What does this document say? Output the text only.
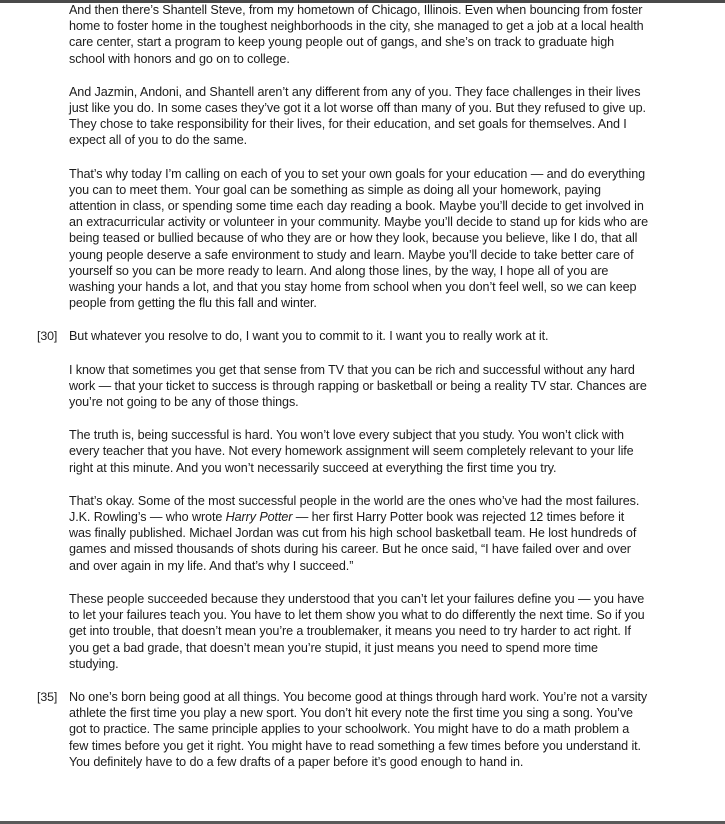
And then there’s Shantell Steve, from my hometown of Chicago, Illinois. Even when bouncing from foster home to foster home in the toughest neighborhoods in the city, she managed to get a job at a local health care center, start a program to keep young people out of gangs, and she’s on track to graduate high school with honors and go on to college.

And Jazmin, Andoni, and Shantell aren’t any different from any of you. They face challenges in their lives just like you do. In some cases they’ve got it a lot worse off than many of you. But they refused to give up. They chose to take responsibility for their lives, for their education, and set goals for themselves. And I expect all of you to do the same.

That’s why today I’m calling on each of you to set your own goals for your education — and do everything you can to meet them. Your goal can be something as simple as doing all your homework, paying attention in class, or spending some time each day reading a book. Maybe you’ll decide to get involved in an extracurricular activity or volunteer in your community. Maybe you’ll decide to stand up for kids who are being teased or bullied because of who they are or how they look, because you believe, like I do, that all young people deserve a safe environment to study and learn. Maybe you’ll decide to take better care of yourself so you can be more ready to learn. And along those lines, by the way, I hope all of you are washing your hands a lot, and that you stay home from school when you don’t feel well, so we can keep people from getting the flu this fall and winter.

[30] But whatever you resolve to do, I want you to commit to it. I want you to really work at it.

I know that sometimes you get that sense from TV that you can be rich and successful without any hard work — that your ticket to success is through rapping or basketball or being a reality TV star. Chances are you’re not going to be any of those things.

The truth is, being successful is hard. You won’t love every subject that you study. You won’t click with every teacher that you have. Not every homework assignment will seem completely relevant to your life right at this minute. And you won’t necessarily succeed at everything the first time you try.

That’s okay. Some of the most successful people in the world are the ones who’ve had the most failures. J.K. Rowling’s — who wrote Harry Potter — her first Harry Potter book was rejected 12 times before it was finally published. Michael Jordan was cut from his high school basketball team. He lost hundreds of games and missed thousands of shots during his career. But he once said, “I have failed over and over and over again in my life. And that’s why I succeed.”

These people succeeded because they understood that you can’t let your failures define you — you have to let your failures teach you. You have to let them show you what to do differently the next time. So if you get into trouble, that doesn’t mean you’re a troublemaker, it means you need to try harder to act right. If you get a bad grade, that doesn’t mean you’re stupid, it just means you need to spend more time studying.

[35] No one’s born being good at all things. You become good at things through hard work. You’re not a varsity athlete the first time you play a new sport. You don’t hit every note the first time you sing a song. You’ve got to practice. The same principle applies to your schoolwork. You might have to do a math problem a few times before you get it right. You might have to read something a few times before you understand it. You definitely have to do a few drafts of a paper before it’s good enough to hand in.
